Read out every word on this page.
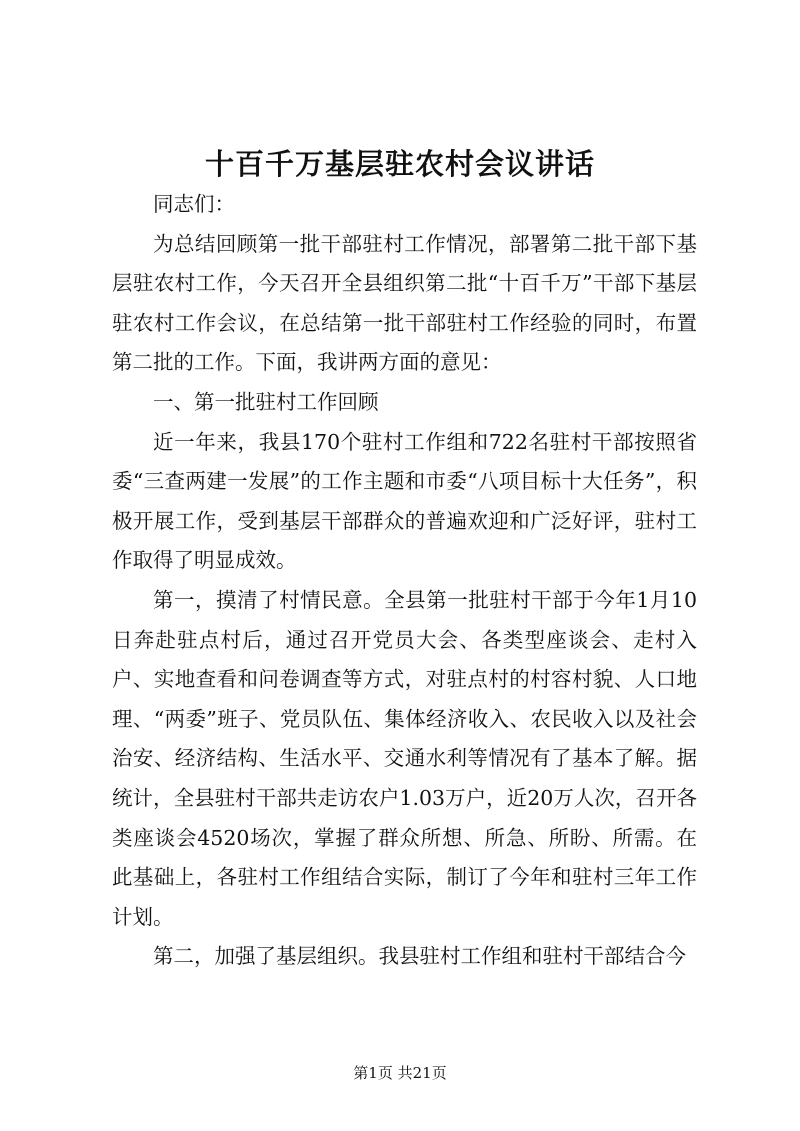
十百千万基层驻农村会议讲话

同志们：

为总结回顾第一批干部驻村工作情况，部署第二批干部下基层驻农村工作，今天召开全县组织第二批“十百千万”干部下基层驻农村工作会议，在总结第一批干部驻村工作经验的同时，布置第二批的工作。下面，我讲两方面的意见：

一、第一批驻村工作回顾

近一年来，我县170个驻村工作组和722名驻村干部按照省委“三查两建一发展”的工作主题和市委“八项目标十大任务”，积极开展工作，受到基层干部群众的普遍欢迎和广泛好评，驻村工作取得了明显成效。

第一，摸清了村情民意。全县第一批驻村干部于今年1月10日奔赴驻点村后，通过召开党员大会、各类型座谈会、走村入户、实地查看和问卷调查等方式，对驻点村的村容村貌、人口地理、“两委”班子、党员队伍、集体经济收入、农民收入以及社会治安、经济结构、生活水平、交通水利等情况有了基本了解。据统计，全县驻村干部共走访农户1.03万户，近20万人次，召开各类座谈会4520场次，掌握了群众所想、所急、所盼、所需。在此基础上，各驻村工作组结合实际，制订了今年和驻村三年工作计划。

第二，加强了基层组织。我县驻村工作组和驻村干部结合今

第1页 共21页
